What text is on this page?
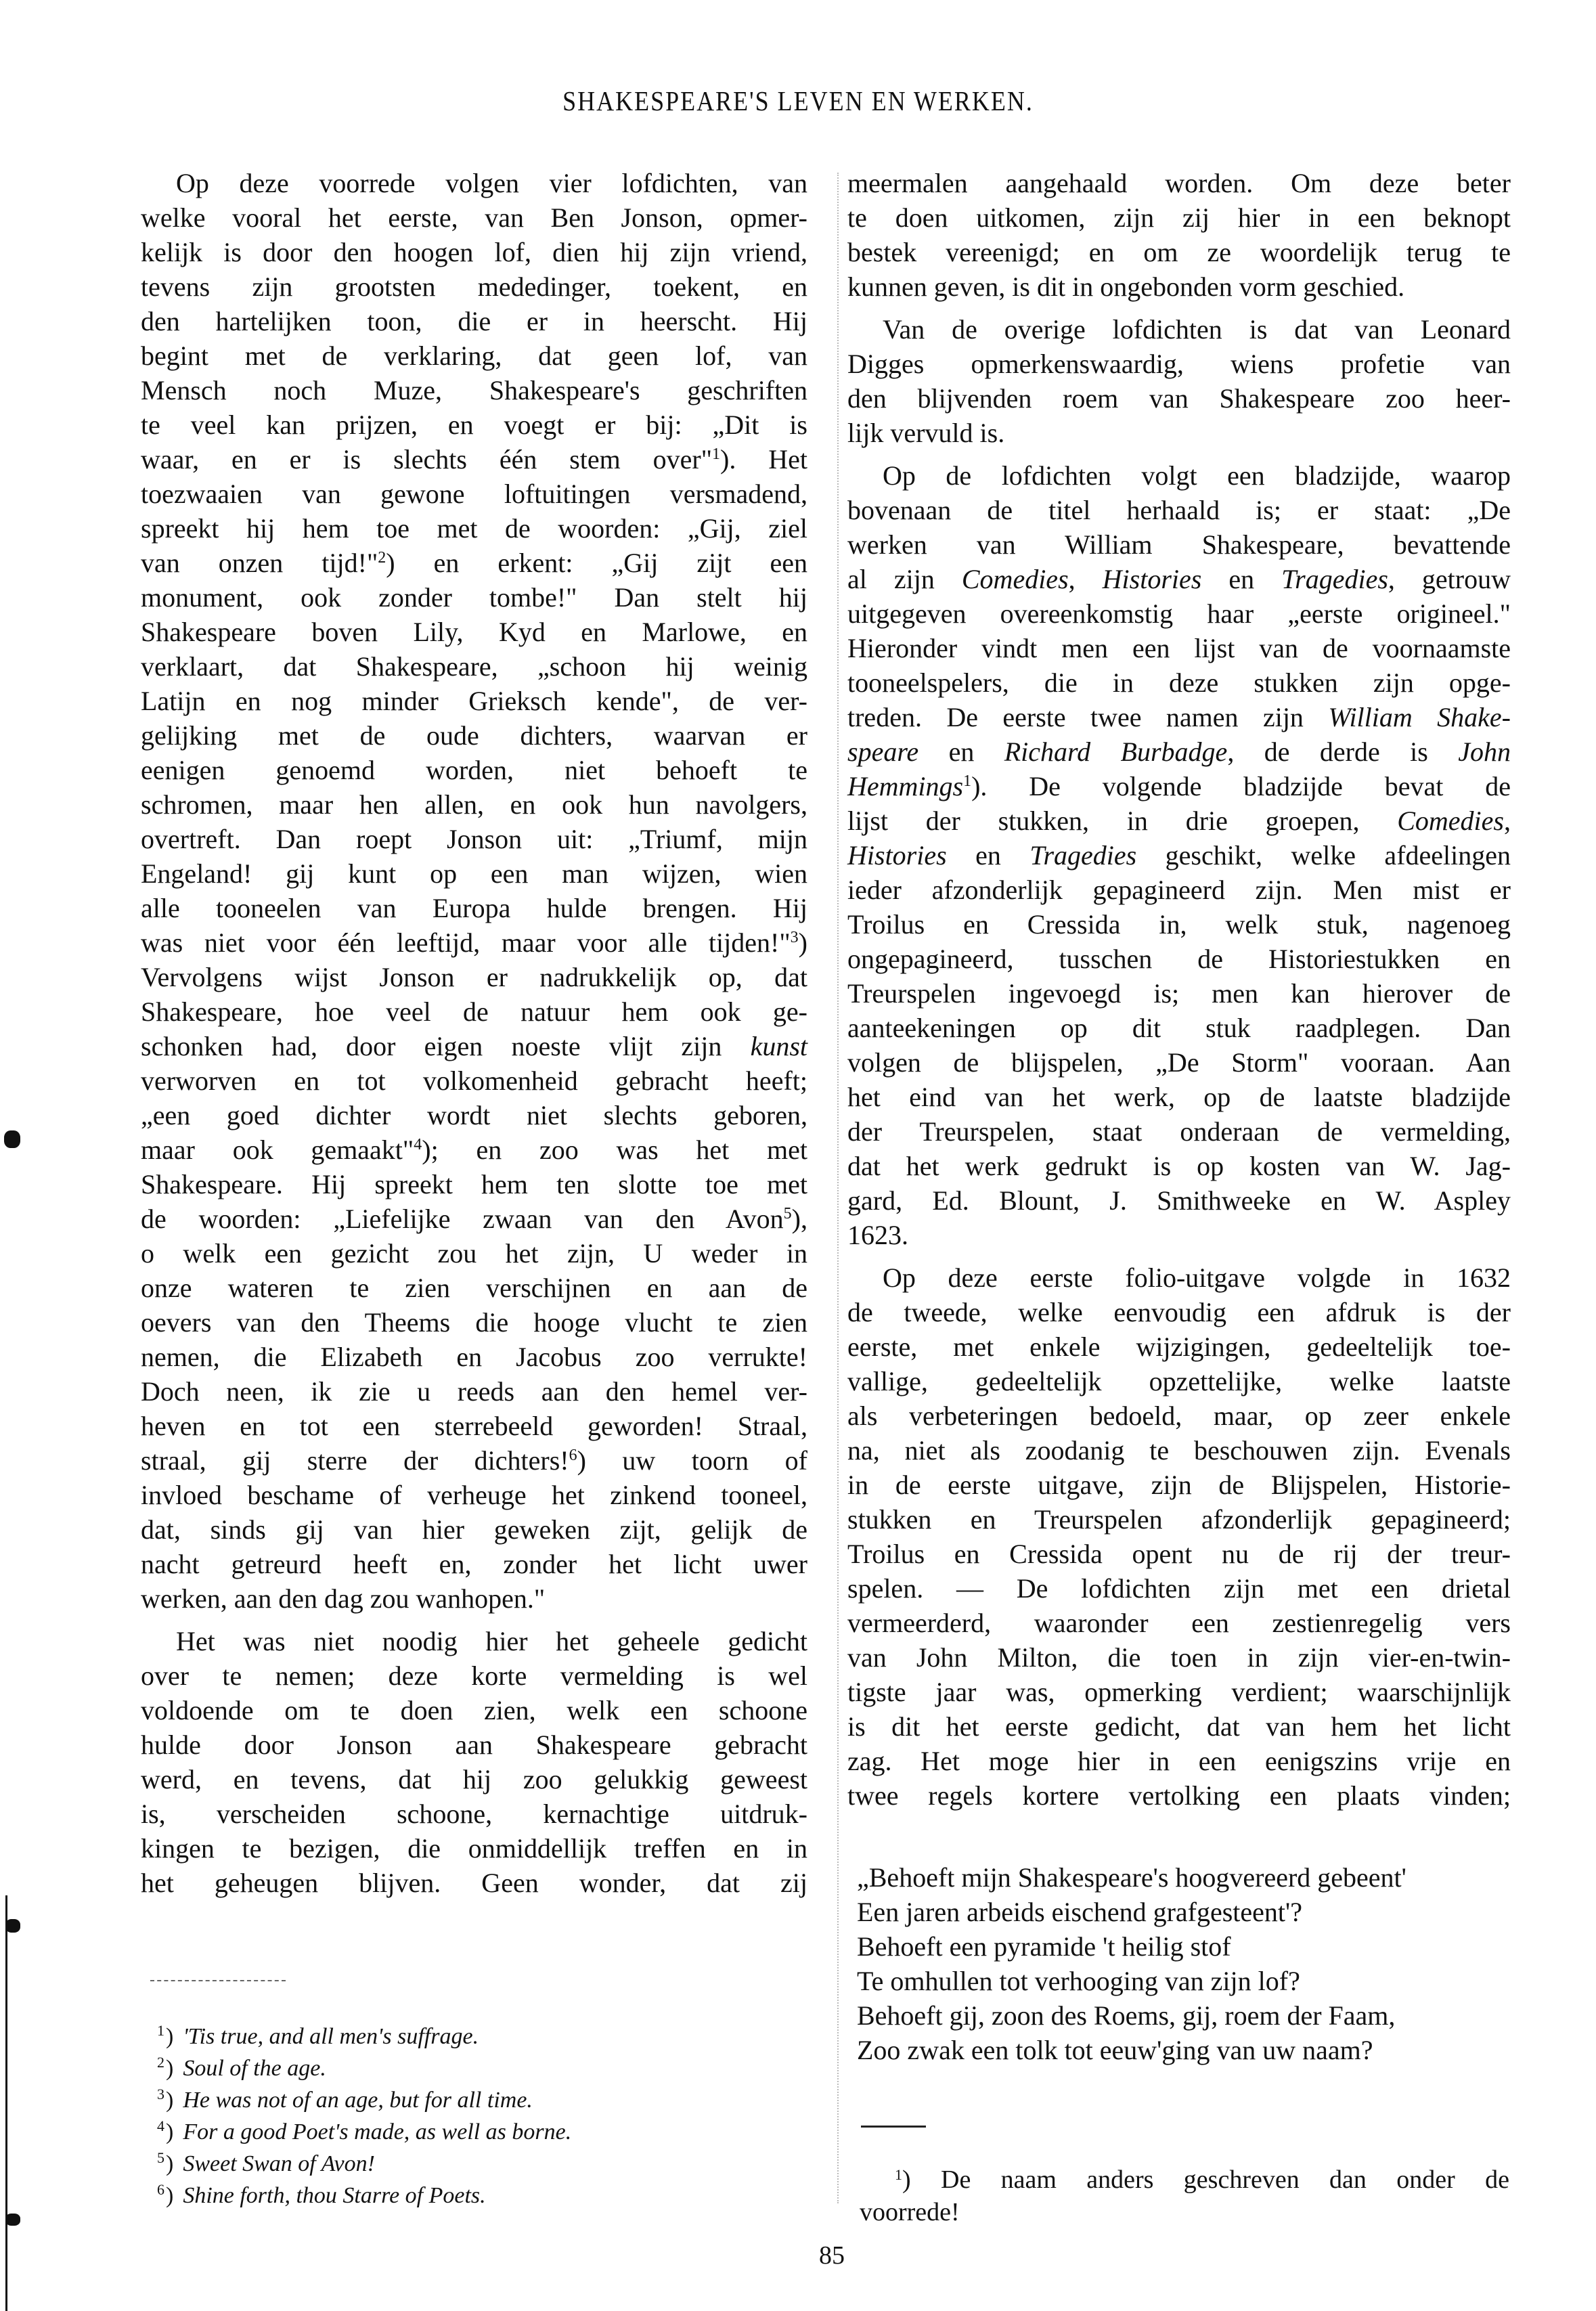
SHAKESPEARE'S LEVEN EN WERKEN.
Op deze voorrede volgen vier lofdichten, van
welke vooral het eerste, van Ben Jonson, opmer-
kelijk is door den hoogen lof, dien hij zijn vriend,
tevens zijn grootsten mededinger, toekent, en
den hartelijken toon, die er in heerscht. Hij
begint met de verklaring, dat geen lof, van
Mensch noch Muze, Shakespeare's geschriften
te veel kan prijzen, en voegt er bij: „Dit is
waar, en er is slechts één stem over"$^1$). Het
toezwaaien van gewone loftuitingen versmadend,
spreekt hij hem toe met de woorden: „Gij, ziel
van onzen tijd!"$^2$) en erkent: „Gij zijt een
monument, ook zonder tombe!" Dan stelt hij
Shakespeare boven Lily, Kyd en Marlowe, en
verklaart, dat Shakespeare, „schoon hij weinig
Latijn en nog minder Grieksch kende", de ver-
gelijking met de oude dichters, waarvan er
eenigen genoemd worden, niet behoeft te
schromen, maar hen allen, en ook hun navolgers,
overtreft. Dan roept Jonson uit: „Triumf, mijn
Engeland! gij kunt op een man wijzen, wien
alle tooneelen van Europa hulde brengen. Hij
was niet voor één leeftijd, maar voor alle tijden!"$^3$)
Vervolgens wijst Jonson er nadrukkelijk op, dat
Shakespeare, hoe veel de natuur hem ook ge-
schonken had, door eigen noeste vlijt zijn kunst
verworven en tot volkomenheid gebracht heeft;
„een goed dichter wordt niet slechts geboren,
maar ook gemaakt"$^4$); en zoo was het met
Shakespeare. Hij spreekt hem ten slotte toe met
de woorden: „Liefelijke zwaan van den Avon$^5$),
o welk een gezicht zou het zijn, U weder in
onze wateren te zien verschijnen en aan de
oevers van den Theems die hooge vlucht te zien
nemen, die Elizabeth en Jacobus zoo verrukte!
Doch neen, ik zie u reeds aan den hemel ver-
heven en tot een sterrebeeld geworden! Straal,
straal, gij sterre der dichters!$^6$) uw toorn of
invloed beschame of verheuge het zinkend tooneel,
dat, sinds gij van hier geweken zijt, gelijk de
nacht getreurd heeft en, zonder het licht uwer
werken, aan den dag zou wanhopen."
Het was niet noodig hier het geheele gedicht
over te nemen; deze korte vermelding is wel
voldoende om te doen zien, welk een schoone
hulde door Jonson aan Shakespeare gebracht
werd, en tevens, dat hij zoo gelukkig geweest
is, verscheiden schoone, kernachtige uitdruk-
kingen te bezigen, die onmiddellijk treffen en in
het geheugen blijven. Geen wonder, dat zij
meermalen aangehaald worden. Om deze beter
te doen uitkomen, zijn zij hier in een beknopt
bestek vereenigd; en om ze woordelijk terug te
kunnen geven, is dit in ongebonden vorm geschied.
Van de overige lofdichten is dat van Leonard
Digges opmerkenswaardig, wiens profetie van
den blijvenden roem van Shakespeare zoo heer-
lijk vervuld is.
Op de lofdichten volgt een bladzijde, waarop
bovenaan de titel herhaald is; er staat: „De
werken van William Shakespeare, bevattende
al zijn Comedies, Histories en Tragedies, getrouw
uitgegeven overeenkomstig haar „eerste origineel."
Hieronder vindt men een lijst van de voornaamste
tooneelspelers, die in deze stukken zijn opge-
treden. De eerste twee namen zijn William Shake-
speare en Richard Burbadge, de derde is John
Hemmings$^1$). De volgende bladzijde bevat de
lijst der stukken, in drie groepen, Comedies,
Histories en Tragedies geschikt, welke afdeelingen
ieder afzonderlijk gepagineerd zijn. Men mist er
Troilus en Cressida in, welk stuk, nagenoeg
ongepagineerd, tusschen de Historiestukken en
Treurspelen ingevoegd is; men kan hierover de
aanteekeningen op dit stuk raadplegen. Dan
volgen de blijspelen, „De Storm" vooraan. Aan
het eind van het werk, op de laatste bladzijde
der Treurspelen, staat onderaan de vermelding,
dat het werk gedrukt is op kosten van W. Jag-
gard, Ed. Blount, J. Smithweeke en W. Aspley
1623.
Op deze eerste folio-uitgave volgde in 1632
de tweede, welke eenvoudig een afdruk is der
eerste, met enkele wijzigingen, gedeeltelijk toe-
vallige, gedeeltelijk opzettelijke, welke laatste
als verbeteringen bedoeld, maar, op zeer enkele
na, niet als zoodanig te beschouwen zijn. Evenals
in de eerste uitgave, zijn de Blijspelen, Historie-
stukken en Treurspelen afzonderlijk gepagineerd;
Troilus en Cressida opent nu de rij der treur-
spelen. — De lofdichten zijn met een drietal
vermeerderd, waaronder een zestienregelig vers
van John Milton, die toen in zijn vier-en-twin-
tigste jaar was, opmerking verdient; waarschijnlijk
is dit het eerste gedicht, dat van hem het licht
zag. Het moge hier in een eenigszins vrije en
twee regels kortere vertolking een plaats vinden;
„Behoeft mijn Shakespeare's hoogvereerd gebeent'
Een jaren arbeids eischend grafgesteent'?
Behoeft een pyramide 't heilig stof
Te omhullen tot verhooging van zijn lof?
Behoeft gij, zoon des Roems, gij, roem der Faam,
Zoo zwak een tolk tot eeuw'ging van uw naam?
$^1$) 'Tis true, and all men's suffrage.
$^2$) Soul of the age.
$^3$) He was not of an age, but for all time.
$^4$) For a good Poet's made, as well as borne.
$^5$) Sweet Swan of Avon!
$^6$) Shine forth, thou Starre of Poets.
$^1$) De naam anders geschreven dan onder de
voorrede!
85
